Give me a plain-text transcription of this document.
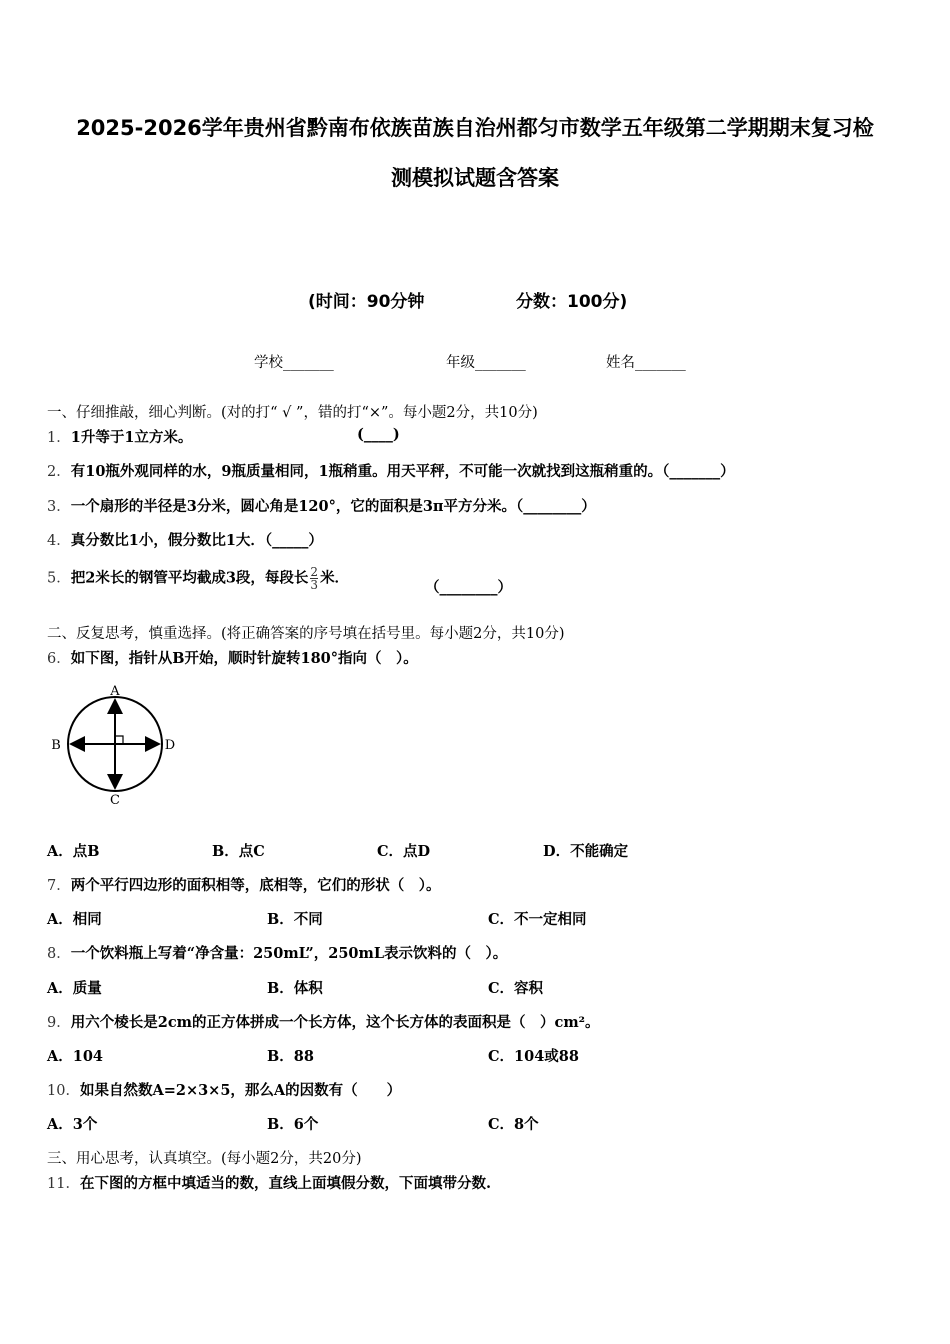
2025-2026学年贵州省黔南布依族苗族自治州都匀市数学五年级第二学期期末复习检
测模拟试题含答案
(时间：90分钟	分数：100分)
学校_______	年级_______	姓名_______
一、仔细推敲，细心判断。(对的打“ √ ”，错的打“×”。每小题2分，共10分)
1．1升等于1立方米。	(____)
2．有10瓶外观同样的水，9瓶质量相同，1瓶稍重。用天平秤，不可能一次就找到这瓶稍重的。（_______）
3．一个扇形的半径是3分米，圆心角是120°，它的面积是3π平方分米。（________）
4．真分数比1小，假分数比1大．（_____）
5．把2米长的钢管平均截成3段，每段长 $\frac{2}{3}$ 米．
（________）
二、反复思考，慎重选择。(将正确答案的序号填在括号里。每小题2分，共10分)
6．如下图，指针从B开始，顺时针旋转180°指向（　）。
A
B	D
C
A．点B	B．点C	C．点D	D．不能确定
7．两个平行四边形的面积相等，底相等，它们的形状（　）。
A．相同	B．不同	C．不一定相同
8．一个饮料瓶上写着“净含量：250mL”，250mL表示饮料的（　）。
A．质量	B．体积	C．容积
9．用六个棱长是2cm的正方体拼成一个长方体，这个长方体的表面积是（　）cm²。
A．104	B．88	C．104或88
10．如果自然数A=2×3×5，那么A的因数有（　　）
A．3个	B．6个	C．8个
三、用心思考，认真填空。(每小题2分，共20分)
11．在下图的方框中填适当的数，直线上面填假分数，下面填带分数.
